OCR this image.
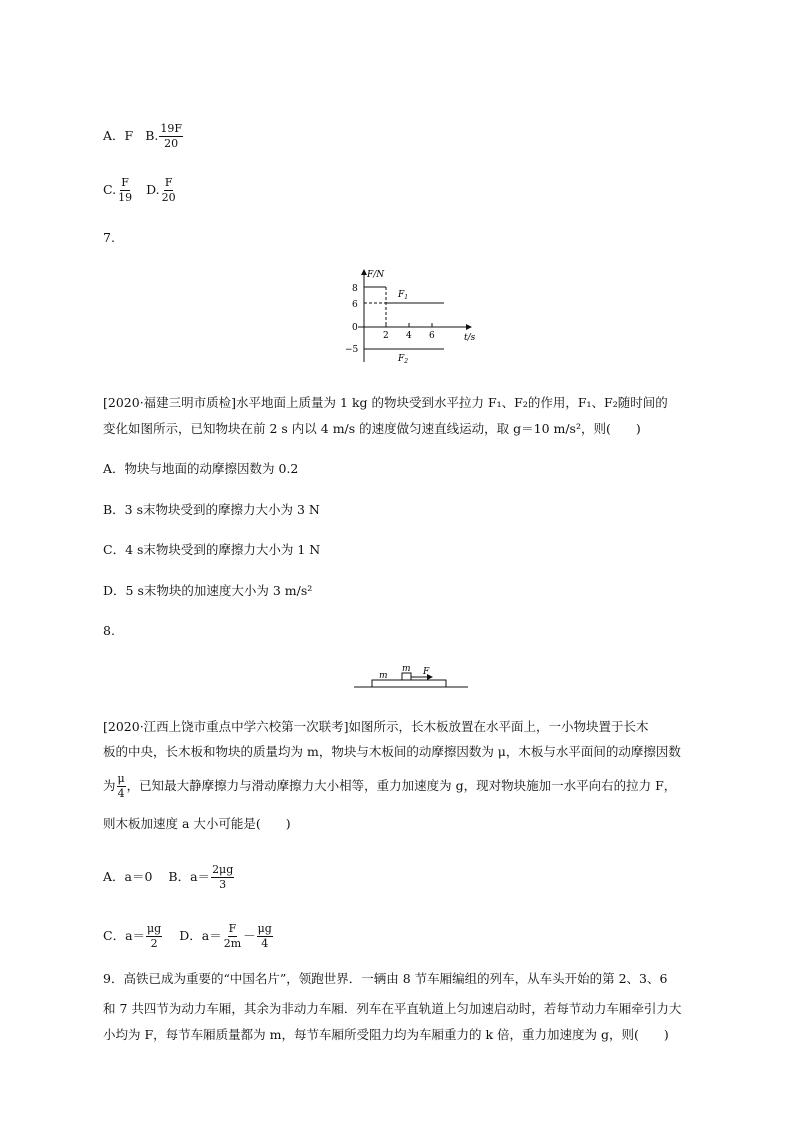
A．F B. $\frac{19F}{20}$
C. $\frac{F}{19} D$. $\frac{F}{20}$
7.
F/N
t/s
8
6
0
−5
2 4 6
$F_1$
$F_2$
[2020·福建三明市质检]水平地面上质量为 1 kg 的物块受到水平拉力 F₁、F₂的作用，F₁、F₂随时间的
变化如图所示，已知物块在前 2 s 内以 4 m/s 的速度做匀速直线运动，取 g＝10 m/s²，则(　　)
A．物块与地面的动摩擦因数为 0.2
B．3 s末物块受到的摩擦力大小为 3 N
C．4 s末物块受到的摩擦力大小为 1 N
D．5 s末物块的加速度大小为 3 m/s²
8.
m
m F
[2020·江西上饶市重点中学六校第一次联考]如图所示，长木板放置在水平面上，一小物块置于长木
板的中央，长木板和物块的质量均为 m，物块与木板间的动摩擦因数为 μ，木板与水平面间的动摩擦因数
为 $\frac{\mu}{4}$ ，已知最大静摩擦力与滑动摩擦力大小相等，重力加速度为 g，现对物块施加一水平向右的拉力 F，
则木板加速度 a 大小可能是(　　)
A．a＝0 B．$a= \frac{2\mu g}{3}$
C．$a= \frac{\mu g}{2}$ D．$a= \frac{F}{2m} - \frac{\mu g}{4}$
9．高铁已成为重要的“中国名片”，领跑世界．一辆由 8 节车厢编组的列车，从车头开始的第 2、3、6
和 7 共四节为动力车厢，其余为非动力车厢．列车在平直轨道上匀加速启动时，若每节动力车厢牵引力大
小均为 F，每节车厢质量都为 m，每节车厢所受阻力均为车厢重力的 k 倍，重力加速度为 g，则(　　)
